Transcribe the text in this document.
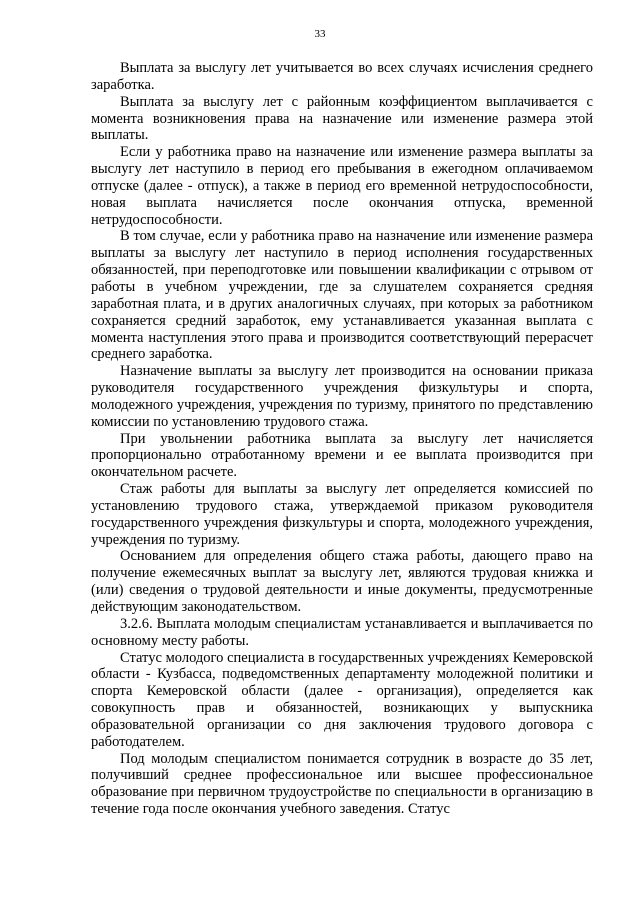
33

Выплата за выслугу лет учитывается во всех случаях исчисления среднего заработка.

Выплата за выслугу лет с районным коэффициентом выплачивается с момента возникновения права на назначение или изменение размера этой выплаты.

Если у работника право на назначение или изменение размера выплаты за выслугу лет наступило в период его пребывания в ежегодном оплачиваемом отпуске (далее - отпуск), а также в период его временной нетрудоспособности, новая выплата начисляется после окончания отпуска, временной нетрудоспособности.

В том случае, если у работника право на назначение или изменение размера выплаты за выслугу лет наступило в период исполнения государственных обязанностей, при переподготовке или повышении квалификации с отрывом от работы в учебном учреждении, где за слушателем сохраняется средняя заработная плата, и в других аналогичных случаях, при которых за работником сохраняется средний заработок, ему устанавливается указанная выплата с момента наступления этого права и производится соответствующий перерасчет среднего заработка.

Назначение выплаты за выслугу лет производится на основании приказа руководителя государственного учреждения физкультуры и спорта, молодежного учреждения, учреждения по туризму, принятого по представлению комиссии по установлению трудового стажа.

При увольнении работника выплата за выслугу лет начисляется пропорционально отработанному времени и ее выплата производится при окончательном расчете.

Стаж работы для выплаты за выслугу лет определяется комиссией по установлению трудового стажа, утверждаемой приказом руководителя государственного учреждения физкультуры и спорта, молодежного учреждения, учреждения по туризму.

Основанием для определения общего стажа работы, дающего право на получение ежемесячных выплат за выслугу лет, являются трудовая книжка и (или) сведения о трудовой деятельности и иные документы, предусмотренные действующим законодательством.

3.2.6. Выплата молодым специалистам устанавливается и выплачивается по основному месту работы.

Статус молодого специалиста в государственных учреждениях Кемеровской области - Кузбасса, подведомственных департаменту молодежной политики и спорта Кемеровской области (далее - организация), определяется как совокупность прав и обязанностей, возникающих у выпускника образовательной организации со дня заключения трудового договора с работодателем.

Под молодым специалистом понимается сотрудник в возрасте до 35 лет, получивший среднее профессиональное или высшее профессиональное образование при первичном трудоустройстве по специальности в организацию в течение года после окончания учебного заведения. Статус
